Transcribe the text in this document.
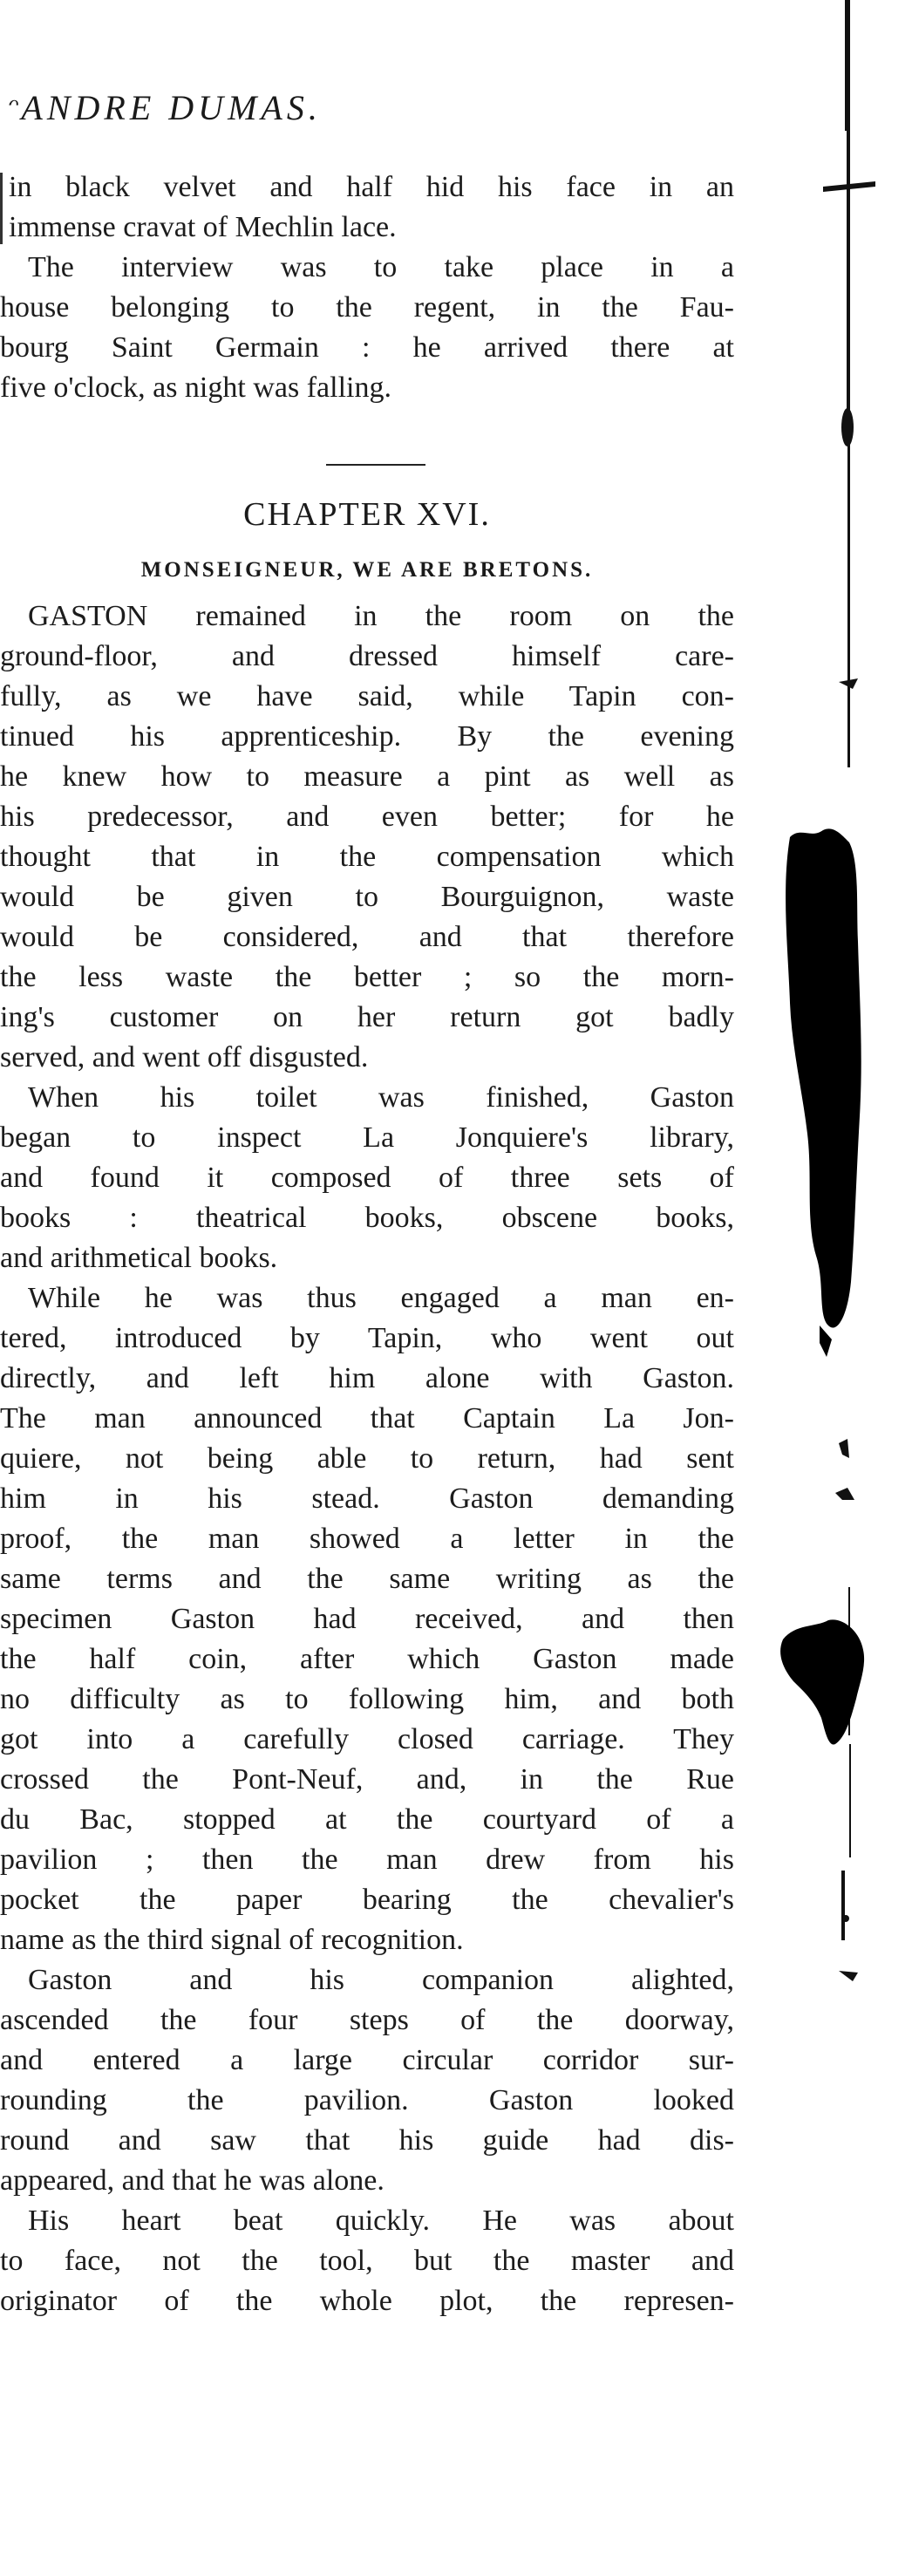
ᵔANDRE DUMAS.
in black velvet and half hid his face in an
immense cravat of Mechlin lace.
The interview was to take place in a
house belonging to the regent, in the Fau-
bourg Saint Germain : he arrived there at
five o'clock, as night was falling.
CHAPTER XVI.
MONSEIGNEUR, WE ARE BRETONS.
GASTON remained in the room on the
ground-floor, and dressed himself care-
fully, as we have said, while Tapin con-
tinued his apprenticeship. By the evening
he knew how to measure a pint as well as
his predecessor, and even better; for he
thought that in the compensation which
would be given to Bourguignon, waste
would be considered, and that therefore
the less waste the better ; so the morn-
ing's customer on her return got badly
served, and went off disgusted.
When his toilet was finished, Gaston
began to inspect La Jonquiere's library,
and found it composed of three sets of
books : theatrical books, obscene books,
and arithmetical books.
While he was thus engaged a man en-
tered, introduced by Tapin, who went out
directly, and left him alone with Gaston.
The man announced that Captain La Jon-
quiere, not being able to return, had sent
him in his stead. Gaston demanding
proof, the man showed a letter in the
same terms and the same writing as the
specimen Gaston had received, and then
the half coin, after which Gaston made
no difficulty as to following him, and both
got into a carefully closed carriage. They
crossed the Pont-Neuf, and, in the Rue
du Bac, stopped at the courtyard of a
pavilion ; then the man drew from his
pocket the paper bearing the chevalier's
name as the third signal of recognition.
Gaston and his companion alighted,
ascended the four steps of the doorway,
and entered a large circular corridor sur-
rounding the pavilion. Gaston looked
round and saw that his guide had dis-
appeared, and that he was alone.
His heart beat quickly. He was about
to face, not the tool, but the master and
originator of the whole plot, the represen-
